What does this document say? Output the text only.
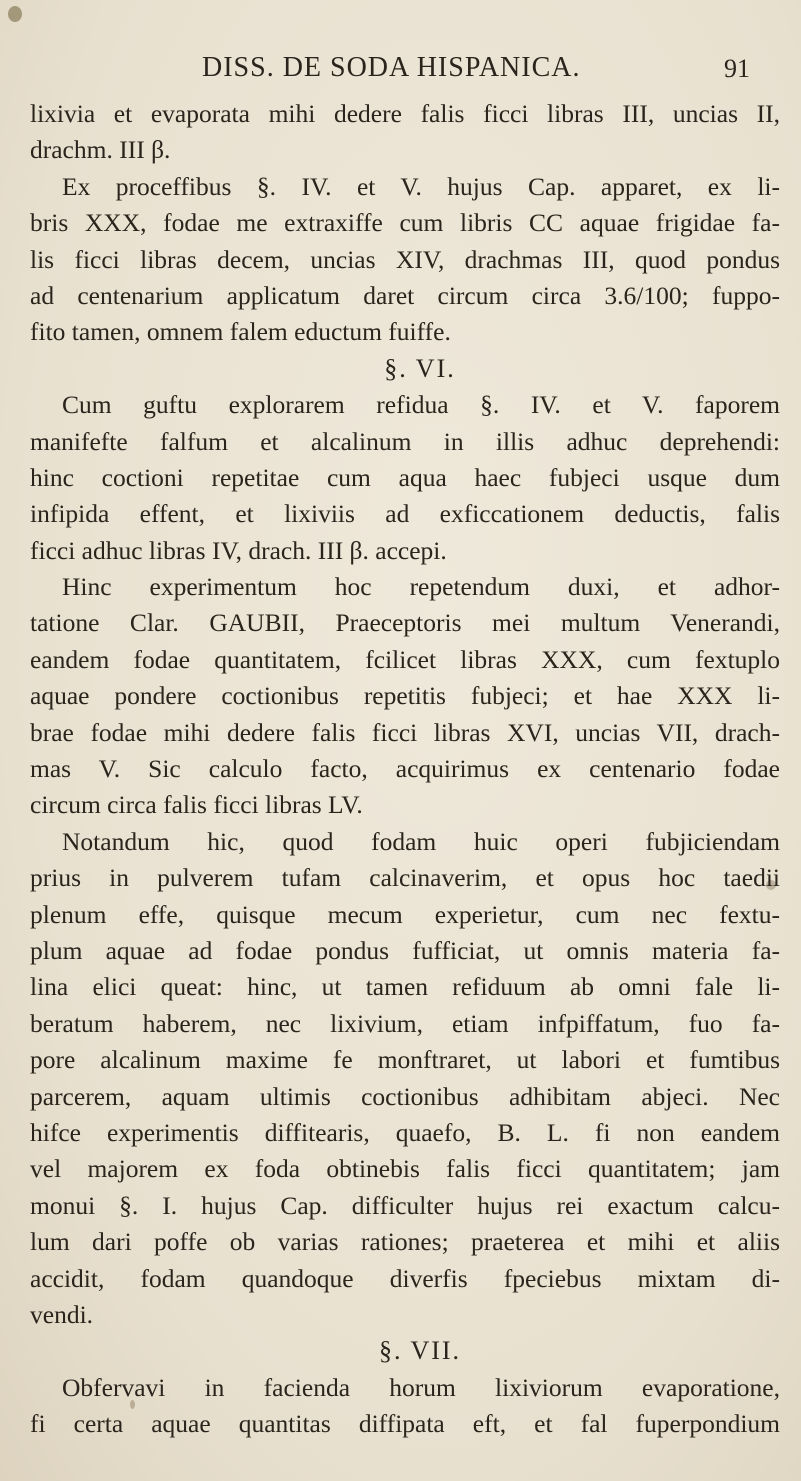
DISS. DE SODA HISPANICA.	91
lixivia et evaporata mihi dedere falis ficci libras III, uncias II,
drachm. III β.
Ex proceffibus §. IV. et V. hujus Cap. apparet, ex li-
bris XXX, fodae me extraxiffe cum libris CC aquae frigidae fa-
lis ficci libras decem, uncias XIV, drachmas III, quod pondus
ad centenarium applicatum daret circum circa 3.6/100; fuppo-
fito tamen, omnem falem eductum fuiffe.
§. VI.
Cum guftu explorarem refidua §. IV. et V. faporem
manifefte falfum et alcalinum in illis adhuc deprehendi:
hinc coctioni repetitae cum aqua haec fubjeci usque dum
infipida effent, et lixiviis ad exficcationem deductis, falis
ficci adhuc libras IV, drach. III β. accepi.
Hinc experimentum hoc repetendum duxi, et adhor-
tatione Clar. GAUBII, Praeceptoris mei multum Venerandi,
eandem fodae quantitatem, fcilicet libras XXX, cum fextuplo
aquae pondere coctionibus repetitis fubjeci; et hae XXX li-
brae fodae mihi dedere falis ficci libras XVI, uncias VII, drach-
mas V. Sic calculo facto, acquirimus ex centenario fodae
circum circa falis ficci libras LV.
Notandum hic, quod fodam huic operi fubjiciendam
prius in pulverem tufam calcinaverim, et opus hoc taedii
plenum effe, quisque mecum experietur, cum nec fextu-
plum aquae ad fodae pondus fufficiat, ut omnis materia fa-
lina elici queat: hinc, ut tamen refiduum ab omni fale li-
beratum haberem, nec lixivium, etiam infpiffatum, fuo fa-
pore alcalinum maxime fe monftraret, ut labori et fumtibus
parcerem, aquam ultimis coctionibus adhibitam abjeci. Nec
hifce experimentis diffitearis, quaefo, B. L. fi non eandem
vel majorem ex foda obtinebis falis ficci quantitatem; jam
monui §. I. hujus Cap. difficulter hujus rei exactum calcu-
lum dari poffe ob varias rationes; praeterea et mihi et aliis
accidit, fodam quandoque diverfis fpeciebus mixtam di-
vendi.
§. VII.
Obfervavi in facienda horum lixiviorum evaporatione,
fi certa aquae quantitas diffipata eft, et fal fuperpondium
